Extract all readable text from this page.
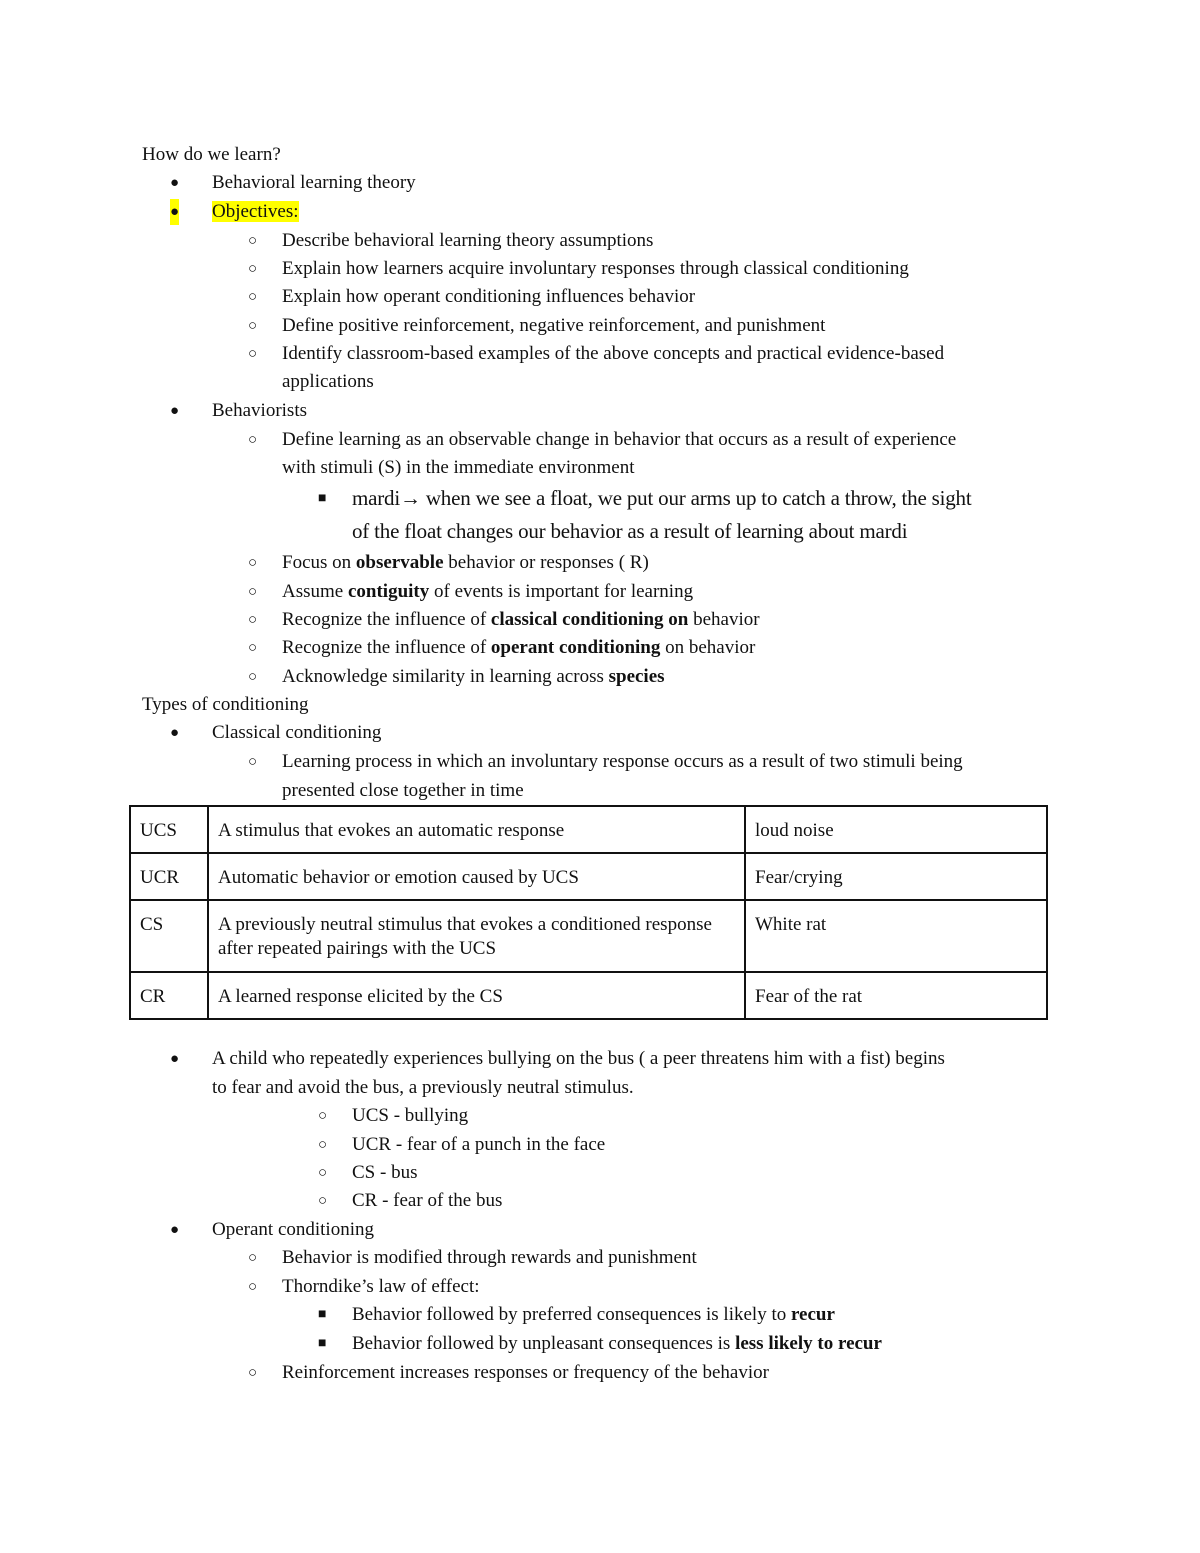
How do we learn?
● Behavioral learning theory
● Objectives:
○ Describe behavioral learning theory assumptions
○ Explain how learners acquire involuntary responses through classical conditioning
○ Explain how operant conditioning influences behavior
○ Define positive reinforcement, negative reinforcement, and punishment
○ Identify classroom-based examples of the above concepts and practical evidence-based
applications
● Behaviorists
○ Define learning as an observable change in behavior that occurs as a result of experience
with stimuli (S) in the immediate environment
■ mardi→ when we see a float, we put our arms up to catch a throw, the sight
of the float changes our behavior as a result of learning about mardi
○ Focus on observable behavior or responses ( R)
○ Assume contiguity of events is important for learning
○ Recognize the influence of classical conditioning on behavior
○ Recognize the influence of operant conditioning on behavior
○ Acknowledge similarity in learning across species
Types of conditioning
● Classical conditioning
○ Learning process in which an involuntary response occurs as a result of two stimuli being
presented close together in time
UCS	A stimulus that evokes an automatic response	loud noise
UCR	Automatic behavior or emotion caused by UCS	Fear/crying
CS	A previously neutral stimulus that evokes a conditioned response after repeated pairings with the UCS	White rat
CR	A learned response elicited by the CS	Fear of the rat
● A child who repeatedly experiences bullying on the bus ( a peer threatens him with a fist) begins
to fear and avoid the bus, a previously neutral stimulus.
○ UCS - bullying
○ UCR - fear of a punch in the face
○ CS - bus
○ CR - fear of the bus
● Operant conditioning
○ Behavior is modified through rewards and punishment
○ Thorndike’s law of effect:
■ Behavior followed by preferred consequences is likely to recur
■ Behavior followed by unpleasant consequences is less likely to recur
○ Reinforcement increases responses or frequency of the behavior
